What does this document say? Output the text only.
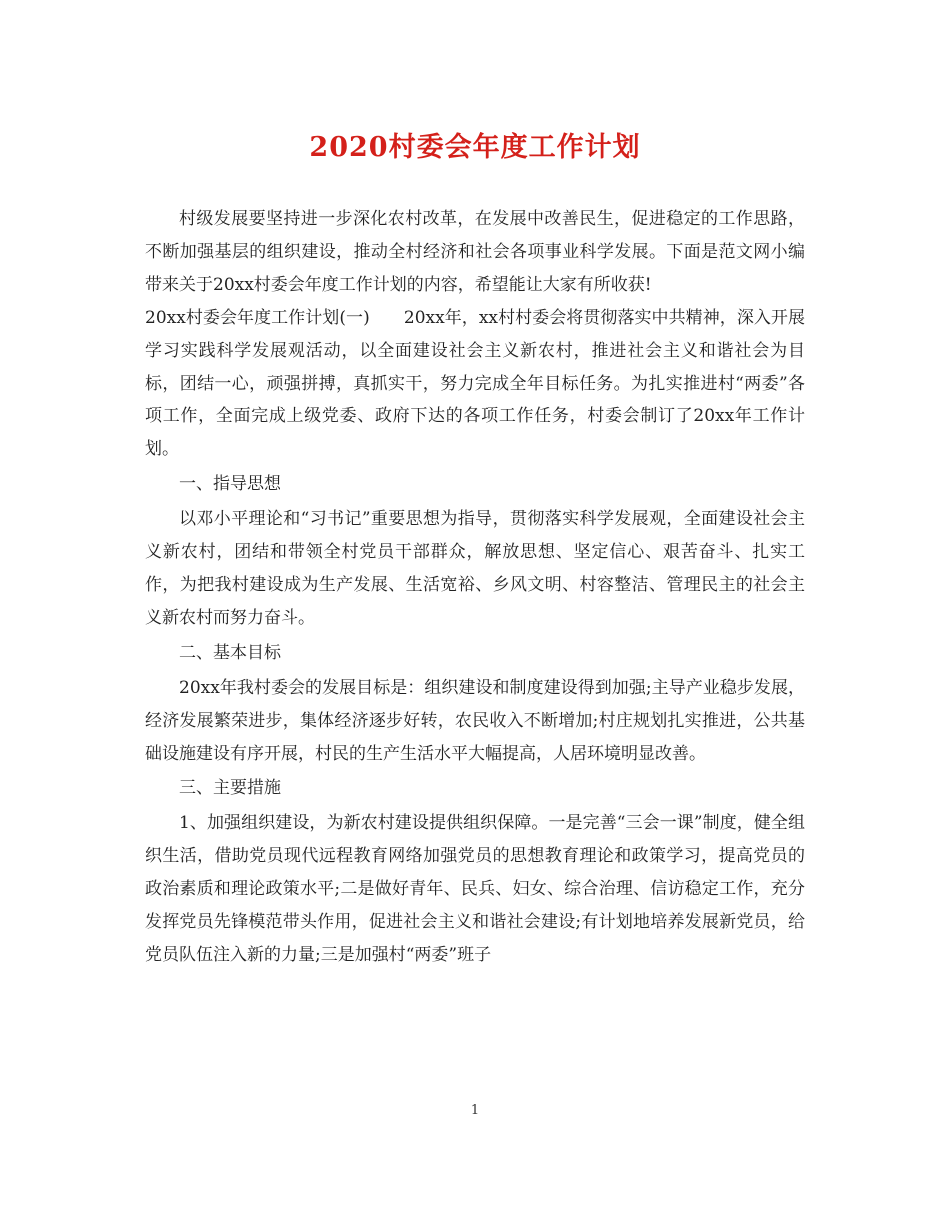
2020村委会年度工作计划

村级发展要坚持进一步深化农村改革，在发展中改善民生，促进稳定的工作思路，不断加强基层的组织建设，推动全村经济和社会各项事业科学发展。下面是范文网小编带来关于20xx村委会年度工作计划的内容，希望能让大家有所收获!

20xx村委会年度工作计划(一)　　20xx年，xx村村委会将贯彻落实中共精神，深入开展学习实践科学发展观活动，以全面建设社会主义新农村，推进社会主义和谐社会为目标，团结一心，顽强拼搏，真抓实干，努力完成全年目标任务。为扎实推进村“两委”各项工作，全面完成上级党委、政府下达的各项工作任务，村委会制订了20xx年工作计划。

一、指导思想

以邓小平理论和“习书记”重要思想为指导，贯彻落实科学发展观，全面建设社会主义新农村，团结和带领全村党员干部群众，解放思想、坚定信心、艰苦奋斗、扎实工作，为把我村建设成为生产发展、生活宽裕、乡风文明、村容整洁、管理民主的社会主义新农村而努力奋斗。

二、基本目标

20xx年我村委会的发展目标是：组织建设和制度建设得到加强;主导产业稳步发展，经济发展繁荣进步，集体经济逐步好转，农民收入不断增加;村庄规划扎实推进，公共基础设施建设有序开展，村民的生产生活水平大幅提高，人居环境明显改善。

三、主要措施

1、加强组织建设，为新农村建设提供组织保障。一是完善“三会一课”制度，健全组织生活，借助党员现代远程教育网络加强党员的思想教育理论和政策学习，提高党员的政治素质和理论政策水平;二是做好青年、民兵、妇女、综合治理、信访稳定工作，充分发挥党员先锋模范带头作用，促进社会主义和谐社会建设;有计划地培养发展新党员，给党员队伍注入新的力量;三是加强村“两委”班子

1
